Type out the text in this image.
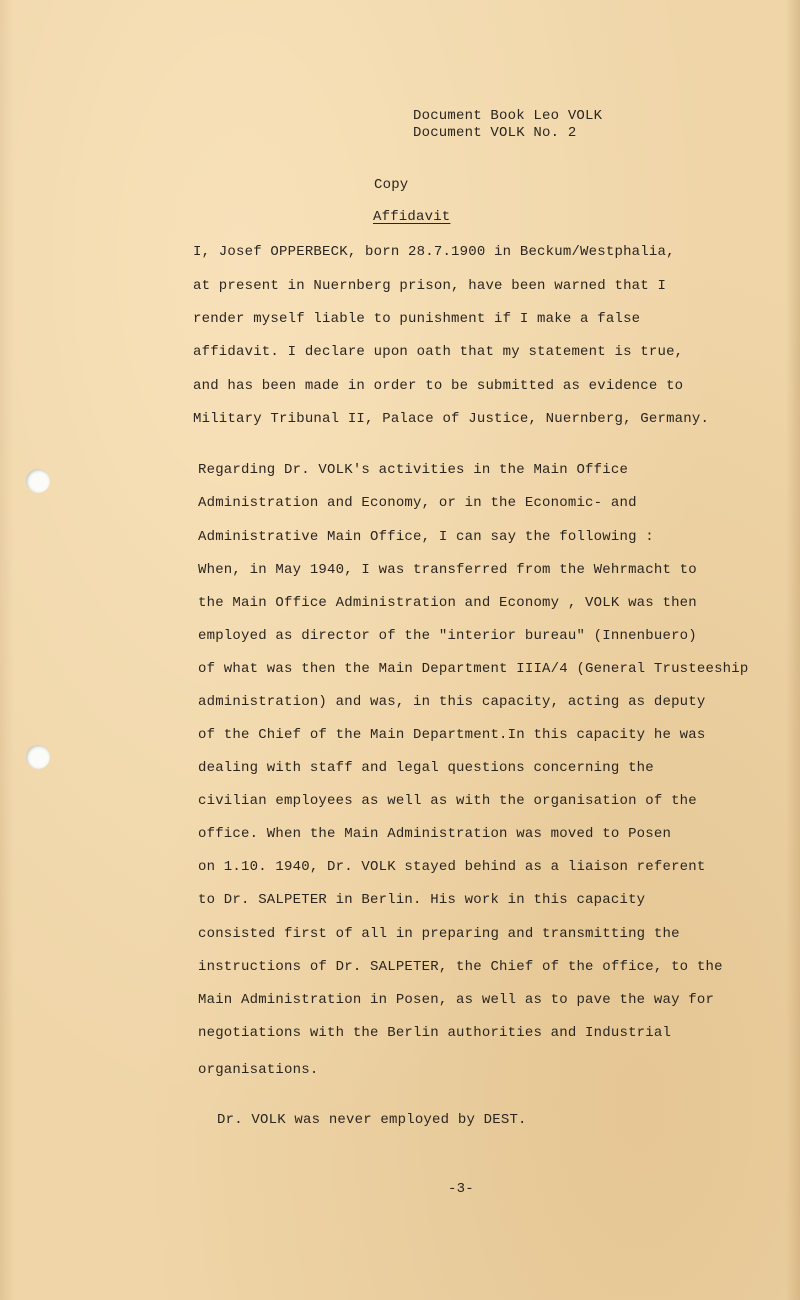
Document Book Leo VOLK
Document VOLK No. 2
Copy
Affidavit
I, Josef OPPERBECK, born 28.7.1900 in Beckum/Westphalia,
at present in Nuernberg prison, have been warned that I
render myself liable to punishment if I make a false
affidavit. I declare upon oath that my statement is true,
and has been made in order to be submitted as evidence to
Military Tribunal II, Palace of Justice, Nuernberg, Germany.
Regarding Dr. VOLK's activities in the Main Office
Administration and Economy, or in the Economic- and
Administrative Main Office, I can say the following :
When, in May 1940, I was transferred from the Wehrmacht to
the Main Office Administration and Economy , VOLK was then
employed as director of the "interior bureau" (Innenbuero)
of what was then the Main Department IIIA/4 (General Trusteeship
administration) and was, in this capacity, acting as deputy
of the Chief of the Main Department.In this capacity he was
dealing with staff and legal questions concerning the
civilian employees as well as with the organisation of the
office. When the Main Administration was moved to Posen
on 1.10. 1940, Dr. VOLK stayed behind as a liaison referent
to Dr. SALPETER in Berlin. His work in this capacity
consisted first of all in preparing and transmitting the
instructions of Dr. SALPETER, the Chief of the office, to the
Main Administration in Posen, as well as to pave the way for
negotiations with the Berlin authorities and Industrial
organisations.
Dr. VOLK was never employed by DEST.
-3-
